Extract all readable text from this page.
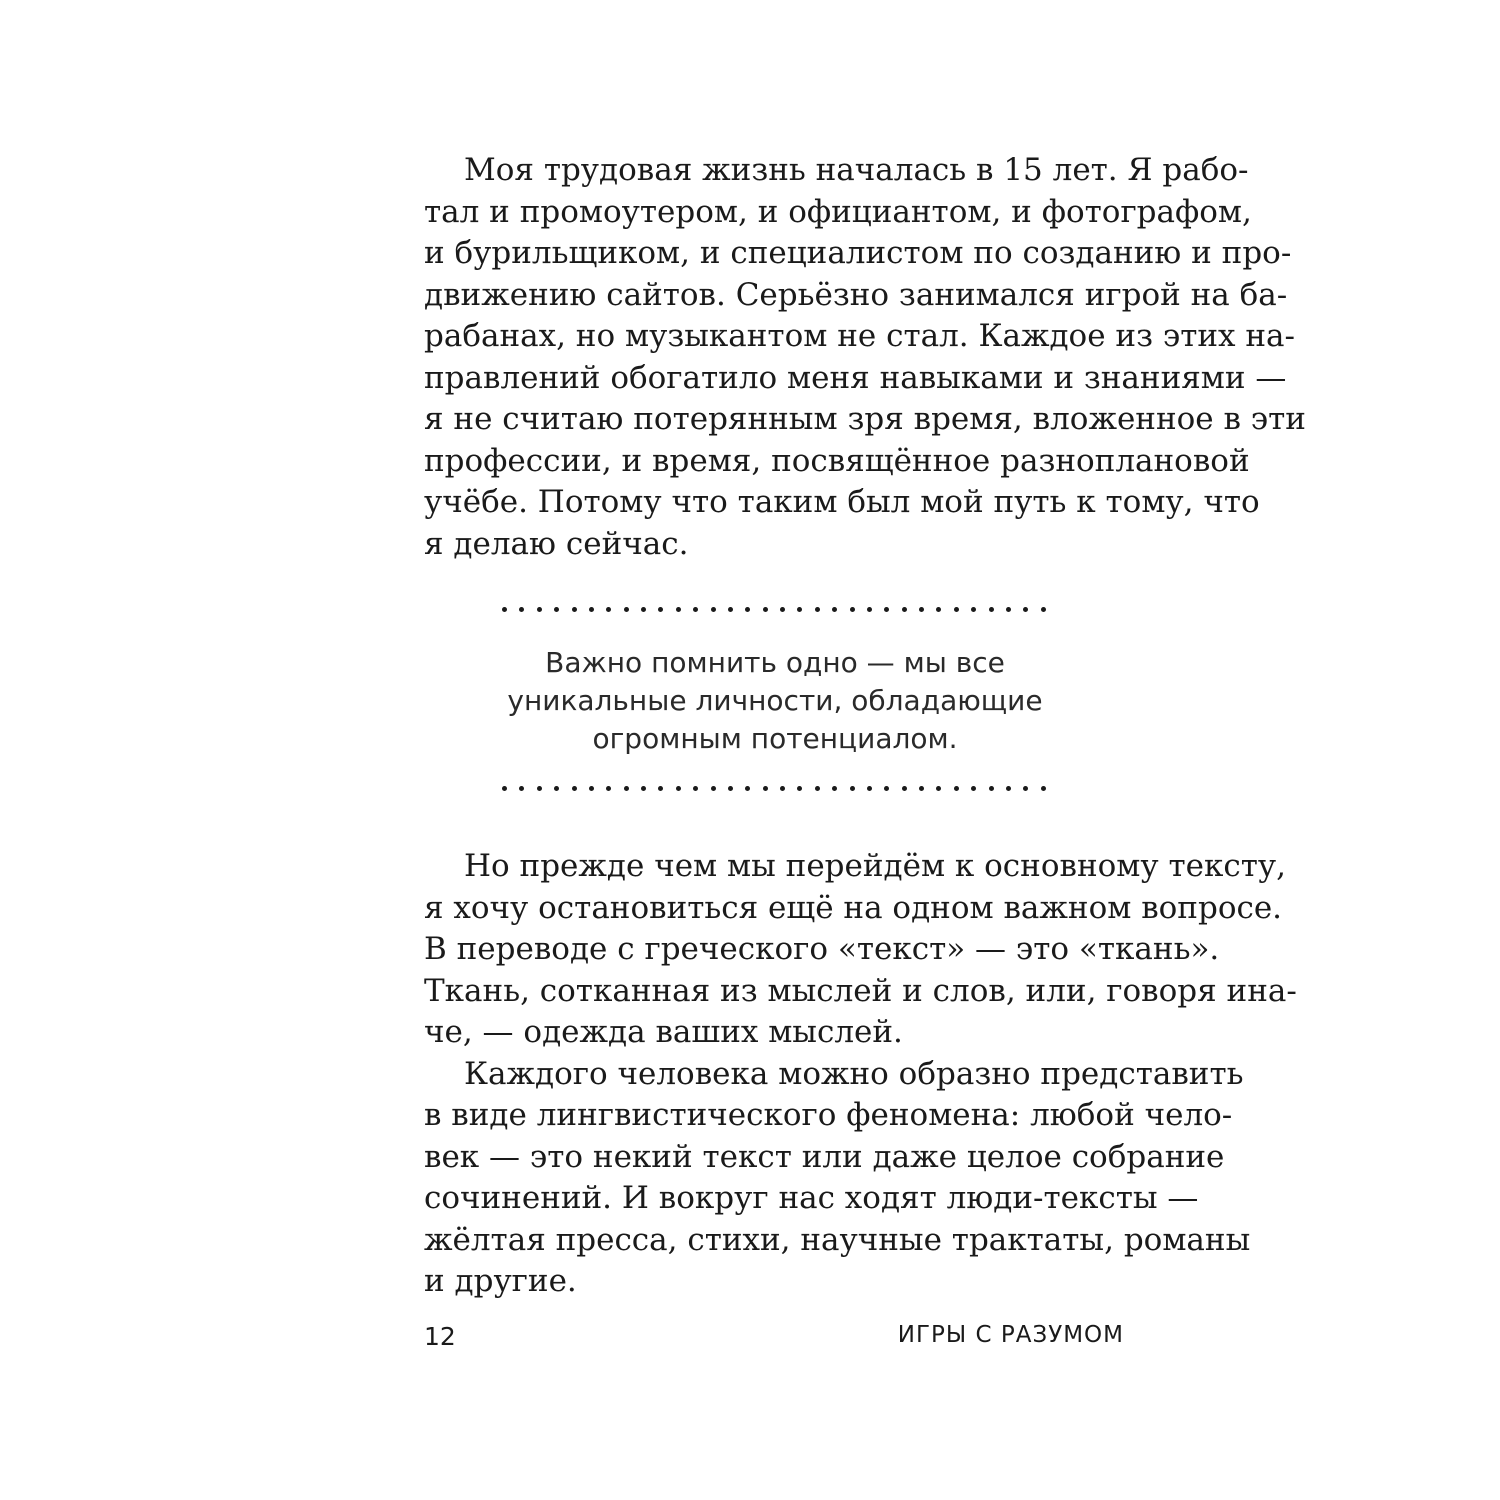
Моя трудовая жизнь началась в 15 лет. Я рабо-
тал и промоутером, и официантом, и фотографом,
и бурильщиком, и специалистом по созданию и про-
движению сайтов. Серьёзно занимался игрой на ба-
рабанах, но музыкантом не стал. Каждое из этих на-
правлений обогатило меня навыками и знаниями —
я не считаю потерянным зря время, вложенное в эти
профессии, и время, посвящённое разноплановой
учёбе. Потому что таким был мой путь к тому, что
я делаю сейчас.
Важно помнить одно — мы все
уникальные личности, обладающие
огромным потенциалом.
Но прежде чем мы перейдём к основному тексту,
я хочу остановиться ещё на одном важном вопросе.
В переводе с греческого «текст» — это «ткань».
Ткань, сотканная из мыслей и слов, или, говоря ина-
че, — одежда ваших мыслей.
Каждого человека можно образно представить
в виде лингвистического феномена: любой чело-
век — это некий текст или даже целое собрание
сочинений. И вокруг нас ходят люди-тексты —
жёлтая пресса, стихи, научные трактаты, романы
и другие.
12	ИГРЫ С РАЗУМОМ
